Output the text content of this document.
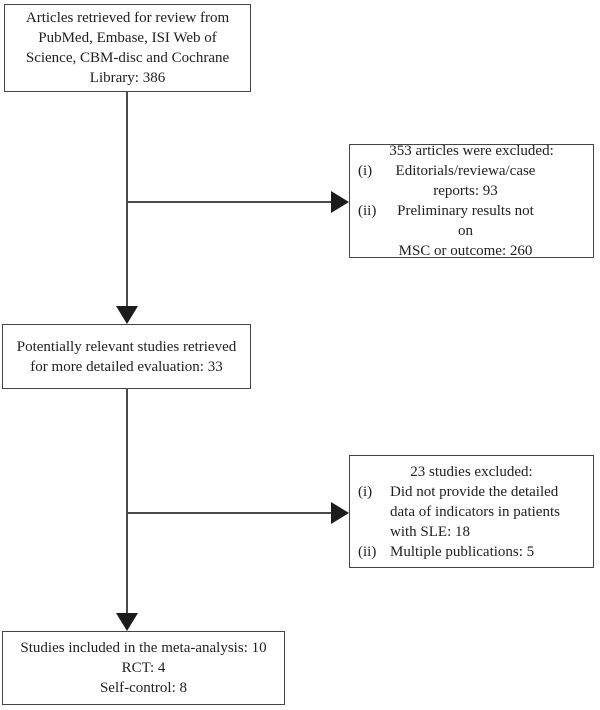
Articles retrieved for review from
PubMed, Embase, ISI Web of
Science, CBM-disc and Cochrane
Library: 386
353 articles were excluded:
(i)	Editorials/reviewa/case
reports: 93
(ii)	Preliminary results not on
MSC or outcome: 260
Potentially relevant studies retrieved
for more detailed evaluation: 33
23 studies excluded:
(i)	Did not provide the detailed
data of indicators in patients
with SLE: 18
(ii) Multiple publications: 5
Studies included in the meta-analysis: 10
RCT: 4
Self-control: 8
